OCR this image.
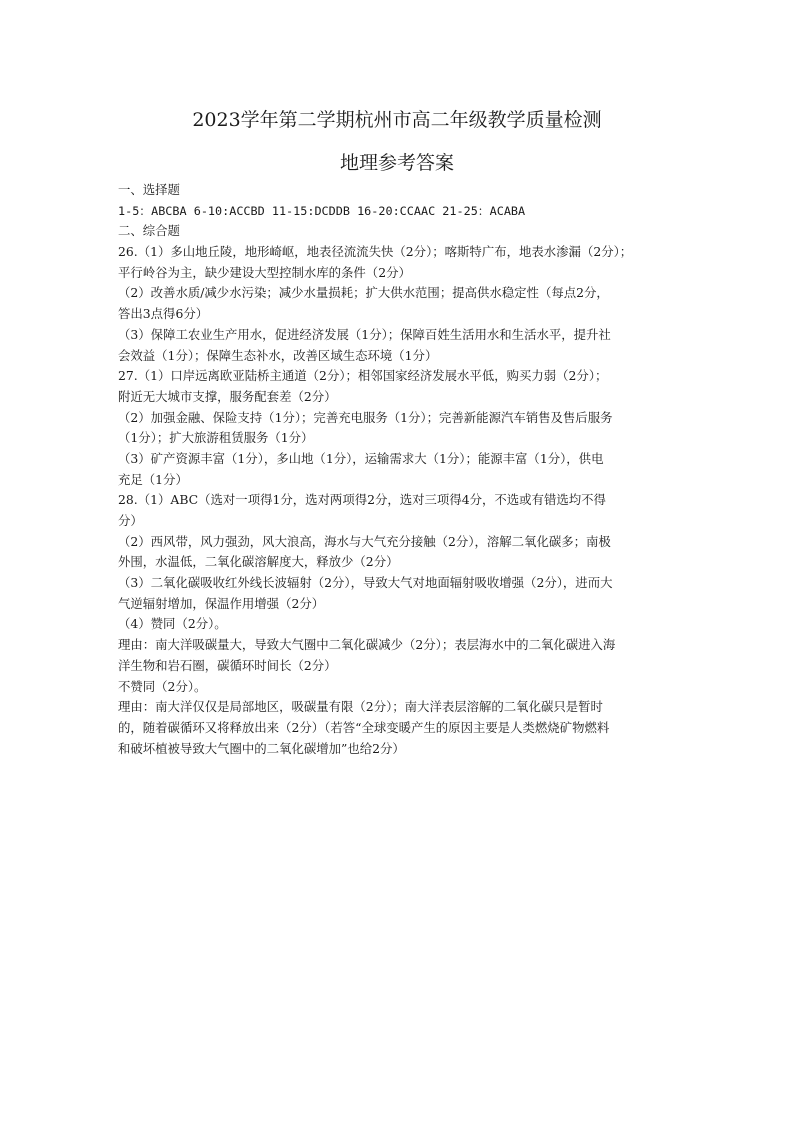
2023学年第二学期杭州市高二年级教学质量检测
地理参考答案
一、选择题
1-5：ABCBA 6-10:ACCBD 11-15:DCDDB 16-20:CCAAC 21-25：ACABA
二、综合题
26.（1）多山地丘陵，地形崎岖，地表径流流失快（2分）；喀斯特广布，地表水渗漏（2分）；
平行岭谷为主，缺少建设大型控制水库的条件（2分）
（2）改善水质/减少水污染；减少水量损耗；扩大供水范围；提高供水稳定性（每点2分，
答出3点得6分）
（3）保障工农业生产用水，促进经济发展（1分）；保障百姓生活用水和生活水平，提升社
会效益（1分）；保障生态补水，改善区域生态环境（1分）
27.（1）口岸远离欧亚陆桥主通道（2分）；相邻国家经济发展水平低，购买力弱（2分）；
附近无大城市支撑，服务配套差（2分）
（2）加强金融、保险支持（1分）；完善充电服务（1分）；完善新能源汽车销售及售后服务
（1分）；扩大旅游租赁服务（1分）
（3）矿产资源丰富（1分），多山地（1分），运输需求大（1分）；能源丰富（1分），供电
充足（1分）
28.（1）ABC（选对一项得1分，选对两项得2分，选对三项得4分，不选或有错选均不得
分）
（2）西风带，风力强劲，风大浪高，海水与大气充分接触（2分），溶解二氧化碳多；南极
外围，水温低，二氧化碳溶解度大，释放少（2分）
（3）二氧化碳吸收红外线长波辐射（2分），导致大气对地面辐射吸收增强（2分），进而大
气逆辐射增加，保温作用增强（2分）
（4）赞同（2分）。
理由：南大洋吸碳量大，导致大气圈中二氧化碳减少（2分）；表层海水中的二氧化碳进入海
洋生物和岩石圈，碳循环时间长（2分）
不赞同（2分）。
理由：南大洋仅仅是局部地区，吸碳量有限（2分）；南大洋表层溶解的二氧化碳只是暂时
的，随着碳循环又将释放出来（2分）（若答“全球变暖产生的原因主要是人类燃烧矿物燃料
和破坏植被导致大气圈中的二氧化碳增加”也给2分）
